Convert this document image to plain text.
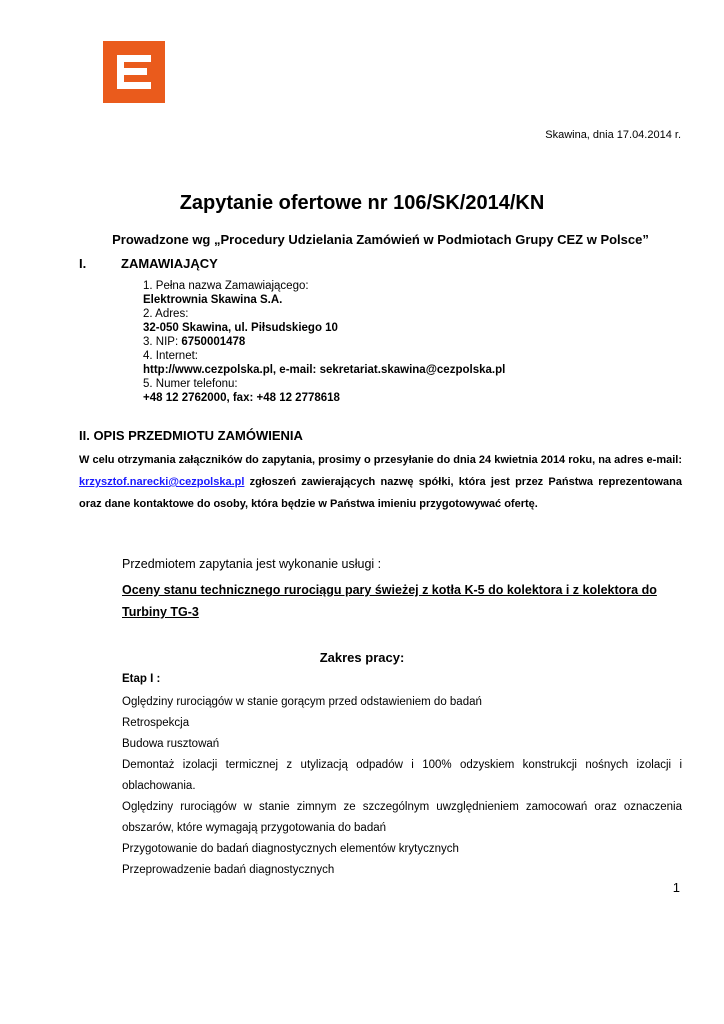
Skawina, dnia 17.04.2014 r.
Zapytanie ofertowe nr 106/SK/2014/KN
Prowadzone wg „Procedury Udzielania Zamówień w Podmiotach Grupy CEZ w Polsce”
I.	ZAMAWIAJĄCY
1. Pełna nazwa Zamawiającego:
Elektrownia Skawina S.A.
2. Adres:
32-050 Skawina, ul. Piłsudskiego 10
3. NIP: 6750001478
4. Internet:
http://www.cezpolska.pl, e-mail: sekretariat.skawina@cezpolska.pl
5. Numer telefonu:
+48 12 2762000, fax: +48 12 2778618
II. OPIS PRZEDMIOTU ZAMÓWIENIA
W celu otrzymania załączników do zapytania, prosimy o przesyłanie do dnia 24 kwietnia 2014 roku, na adres e-mail: krzysztof.narecki@cezpolska.pl zgłoszeń zawierających nazwę spółki, która jest przez Państwa reprezentowana oraz dane kontaktowe do osoby, która będzie w Państwa imieniu przygotowywać ofertę.
Przedmiotem zapytania jest wykonanie usługi :
Oceny stanu technicznego rurociągu pary świeżej z kotła K-5 do kolektora i z kolektora do Turbiny TG-3
Zakres pracy:
Etap I :
Oględziny rurociągów w stanie gorącym przed odstawieniem do badań
Retrospekcja
Budowa rusztowań
Demontaż izolacji termicznej z utylizacją odpadów i 100% odzyskiem konstrukcji nośnych izolacji i oblachowania.
Oględziny rurociągów w stanie zimnym ze szczególnym uwzględnieniem zamocowań oraz oznaczenia obszarów, które wymagają przygotowania do badań
Przygotowanie do badań diagnostycznych elementów krytycznych
Przeprowadzenie badań diagnostycznych
1
